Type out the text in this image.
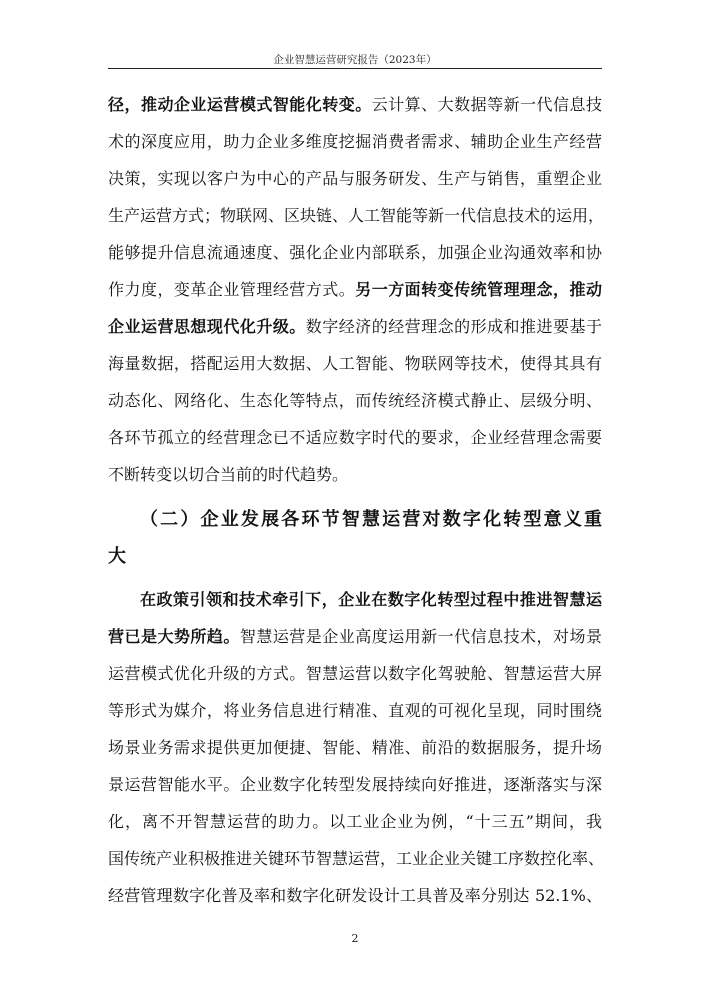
企业智慧运营研究报告（2023年）
径，推动企业运营模式智能化转变。云计算、大数据等新一代信息技
术的深度应用，助力企业多维度挖掘消费者需求、辅助企业生产经营
决策，实现以客户为中心的产品与服务研发、生产与销售，重塑企业
生产运营方式；物联网、区块链、人工智能等新一代信息技术的运用，
能够提升信息流通速度、强化企业内部联系，加强企业沟通效率和协
作力度，变革企业管理经营方式。另一方面转变传统管理理念，推动
企业运营思想现代化升级。数字经济的经营理念的形成和推进要基于
海量数据，搭配运用大数据、人工智能、物联网等技术，使得其具有
动态化、网络化、生态化等特点，而传统经济模式静止、层级分明、
各环节孤立的经营理念已不适应数字时代的要求，企业经营理念需要
不断转变以切合当前的时代趋势。
（二）企业发展各环节智慧运营对数字化转型意义重
大
在政策引领和技术牵引下，企业在数字化转型过程中推进智慧运
营已是大势所趋。智慧运营是企业高度运用新一代信息技术，对场景
运营模式优化升级的方式。智慧运营以数字化驾驶舱、智慧运营大屏
等形式为媒介，将业务信息进行精准、直观的可视化呈现，同时围绕
场景业务需求提供更加便捷、智能、精准、前沿的数据服务，提升场
景运营智能水平。企业数字化转型发展持续向好推进，逐渐落实与深
化，离不开智慧运营的助力。以工业企业为例，“十三五”期间，我
国传统产业积极推进关键环节智慧运营，工业企业关键工序数控化率、
经营管理数字化普及率和数字化研发设计工具普及率分别达 52.1%、
2
